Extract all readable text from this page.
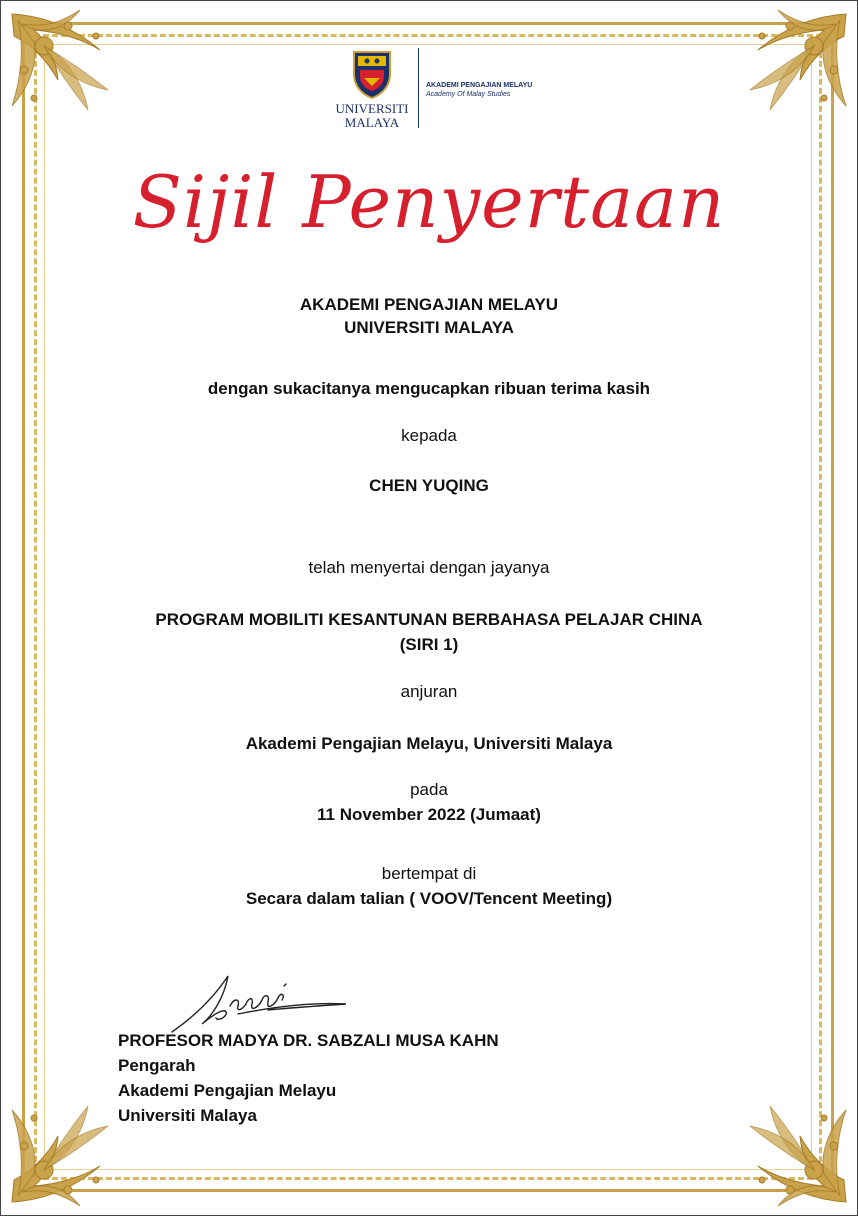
UNIVERSITI
MALAYA
AKADEMI PENGAJIAN MELAYU
Academy Of Malay Studies
Sijil Penyertaan
AKADEMI PENGAJIAN MELAYU
UNIVERSITI MALAYA
dengan sukacitanya mengucapkan ribuan terima kasih
kepada
CHEN YUQING
telah menyertai dengan jayanya
PROGRAM MOBILITI KESANTUNAN BERBAHASA PELAJAR CHINA
(SIRI 1)
anjuran
Akademi Pengajian Melayu, Universiti Malaya
pada
11 November 2022 (Jumaat)
bertempat di
Secara dalam talian ( VOOV/Tencent Meeting)
PROFESOR MADYA DR. SABZALI MUSA KAHN
Pengarah
Akademi Pengajian Melayu
Universiti Malaya
